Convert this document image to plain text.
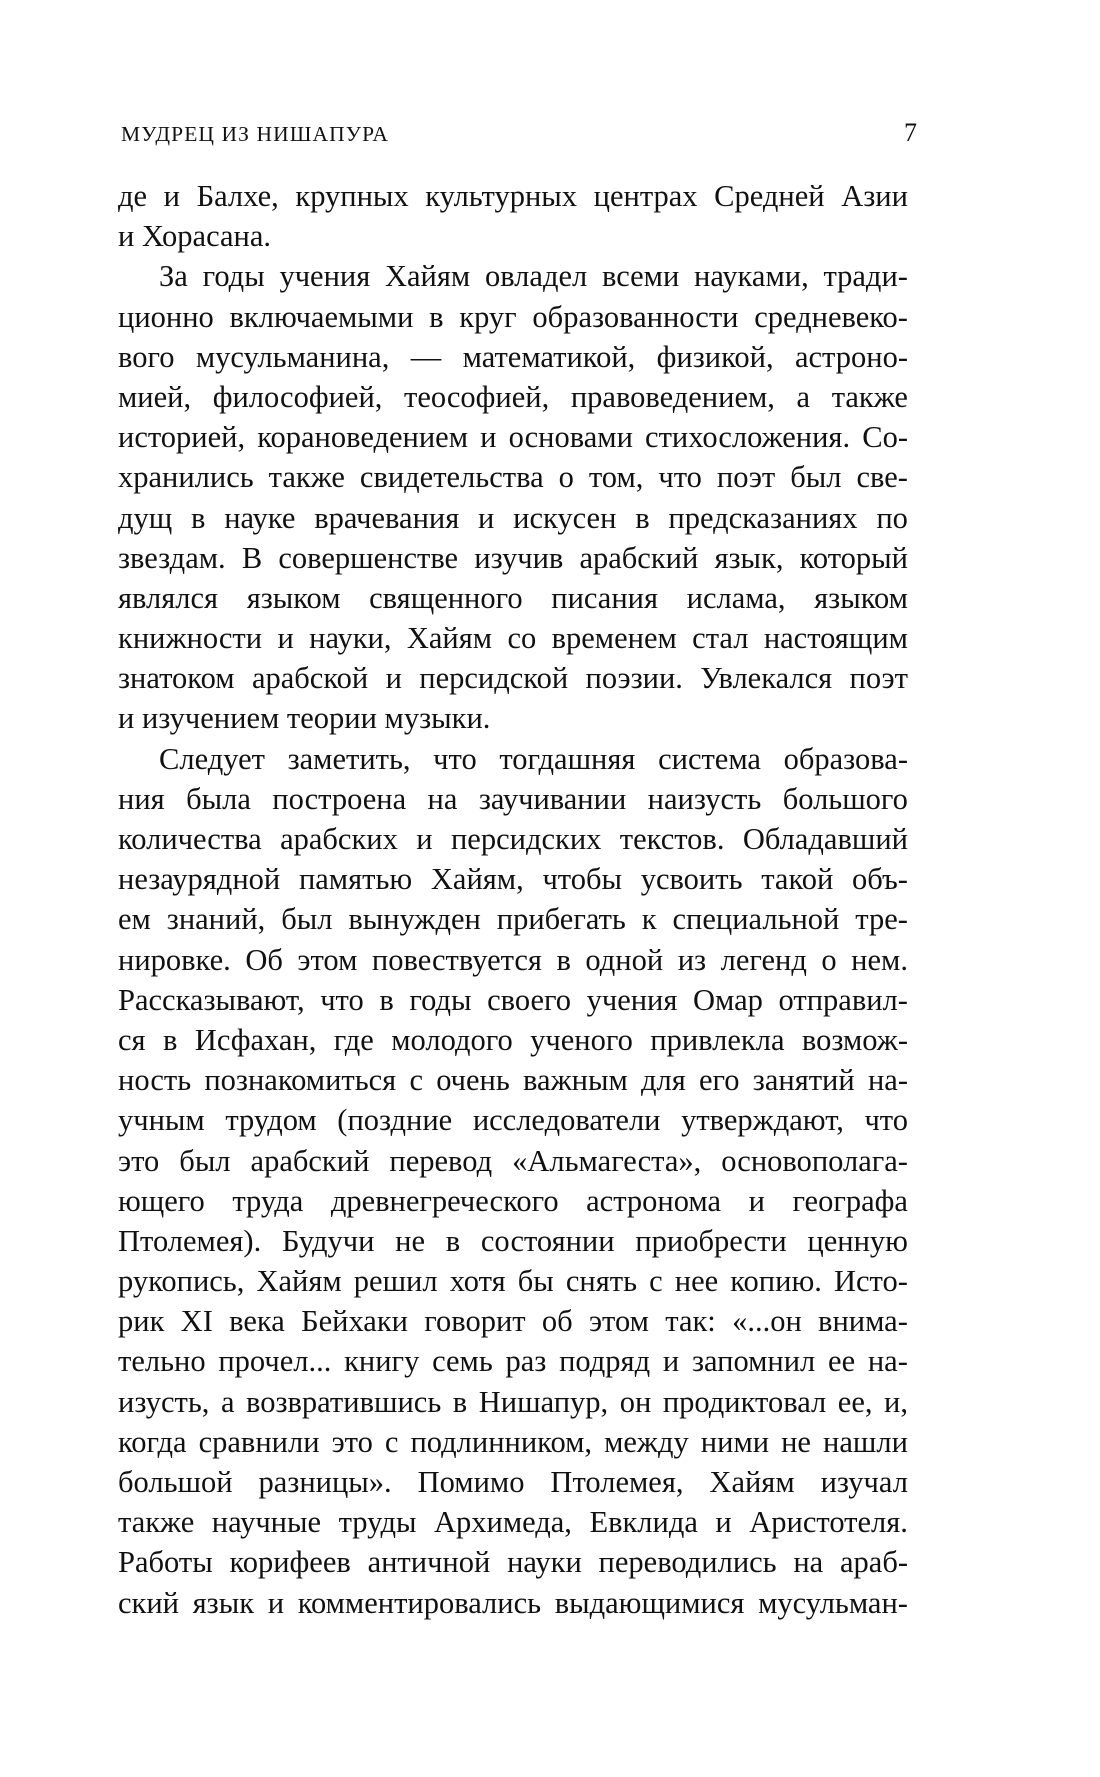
МУДРЕЦ ИЗ НИШАПУРА	7
де и Балхе, крупных культурных центрах Средней Азии
и Хорасана.
За годы учения Хайям овладел всеми науками, тради-
ционно включаемыми в круг образованности средневеко-
вого мусульманина, — математикой, физикой, астроно-
мией, философией, теософией, правоведением, а также
историей, корановедением и основами стихосложения. Со-
хранились также свидетельства о том, что поэт был све-
дущ в науке врачевания и искусен в предсказаниях по
звездам. В совершенстве изучив арабский язык, который
являлся языком священного писания ислама, языком
книжности и науки, Хайям со временем стал настоящим
знатоком арабской и персидской поэзии. Увлекался поэт
и изучением теории музыки.
Следует заметить, что тогдашняя система образова-
ния была построена на заучивании наизусть большого
количества арабских и персидских текстов. Обладавший
незаурядной памятью Хайям, чтобы усвоить такой объ-
ем знаний, был вынужден прибегать к специальной тре-
нировке. Об этом повествуется в одной из легенд о нем.
Рассказывают, что в годы своего учения Омар отправил-
ся в Исфахан, где молодого ученого привлекла возмож-
ность познакомиться с очень важным для его занятий на-
учным трудом (поздние исследователи утверждают, что
это был арабский перевод «Альмагеста», основополага-
ющего труда древнегреческого астронома и географа
Птолемея). Будучи не в состоянии приобрести ценную
рукопись, Хайям решил хотя бы снять с нее копию. Исто-
рик XI века Бейхаки говорит об этом так: «...он внима-
тельно прочел... книгу семь раз подряд и запомнил ее на-
изусть, а возвратившись в Нишапур, он продиктовал ее, и,
когда сравнили это с подлинником, между ними не нашли
большой разницы». Помимо Птолемея, Хайям изучал
также научные труды Архимеда, Евклида и Аристотеля.
Работы корифеев античной науки переводились на араб-
ский язык и комментировались выдающимися мусульман-
